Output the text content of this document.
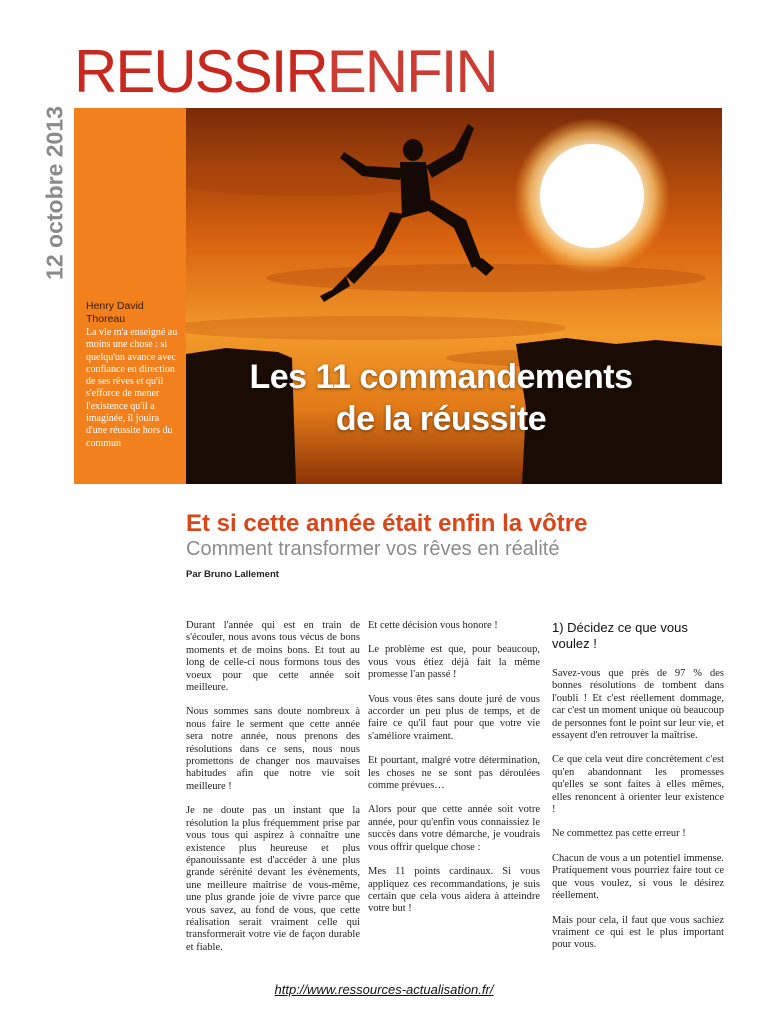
REUSSIRENFIN
12 octobre 2013
Henry David Thoreau
La vie m'a enseigné au moins une chose : si quelqu'un avance avec confiance en direction de ses rêves et qu'il s'efforce de mener l'existence qu'il a imaginée, il jouira d'une réussite hors du commun
Les 11 commandements
de la réussite
Et si cette année était enfin la vôtre
Comment transformer vos rêves en réalité
Par Bruno Lallement

Durant l'année qui est en train de s'écouler, nous avons tous vécus de bons moments et de moins bons. Et tout au long de celle-ci nous formons tous des voeux pour que cette année soit meilleure.

Nous sommes sans doute nombreux à nous faire le serment que cette année sera notre année, nous prenons des résolutions dans ce sens, nous nous promettons de changer nos mauvaises habitudes afin que notre vie soit meilleure !

Je ne doute pas un instant que la résolution la plus fréquemment prise par vous tous qui aspirez à connaître une existence plus heureuse et plus épanouissante est d'accéder à une plus grande sérénité devant les évènements, une meilleure maîtrise de vous-même, une plus grande joie de vivre parce que vous savez, au fond de vous, que cette réalisation serait vraiment celle qui transformerait votre vie de façon durable et fiable.

Et cette décision vous honore !

Le problème est que, pour beaucoup, vous vous étiez déjà fait la même promesse l'an passé !

Vous vous êtes sans doute juré de vous accorder un peu plus de temps, et de faire ce qu'il faut pour que votre vie s'améliore vraiment.

Et pourtant, malgré votre détermination, les choses ne se sont pas déroulées comme prévues…

Alors pour que cette année soit votre année, pour qu'enfin vous connaissiez le succès dans votre démarche, je voudrais vous offrir quelque chose :

Mes 11 points cardinaux. Si vous appliquez ces recommandations, je suis certain que cela vous aidera à atteindre votre but !

1) Décidez ce que vous voulez !

Savez-vous que près de 97 % des bonnes résolutions de tombent dans l'oubli ! Et c'est réellement dommage, car c'est un moment unique où beaucoup de personnes font le point sur leur vie, et essayent d'en retrouver la maîtrise.

Ce que cela veut dire concrètement c'est qu'en abandonnant les promesses qu'elles se sont faites à elles mêmes, elles renoncent à orienter leur existence !

Ne commettez pas cette erreur !

Chacun de vous a un potentiel immense. Pratiquement vous pourriez faire tout ce que vous voulez, si vous le désirez réellement.

Mais pour cela, il faut que vous sachiez vraiment ce qui est le plus important pour vous.

http://www.ressources-actualisation.fr/
